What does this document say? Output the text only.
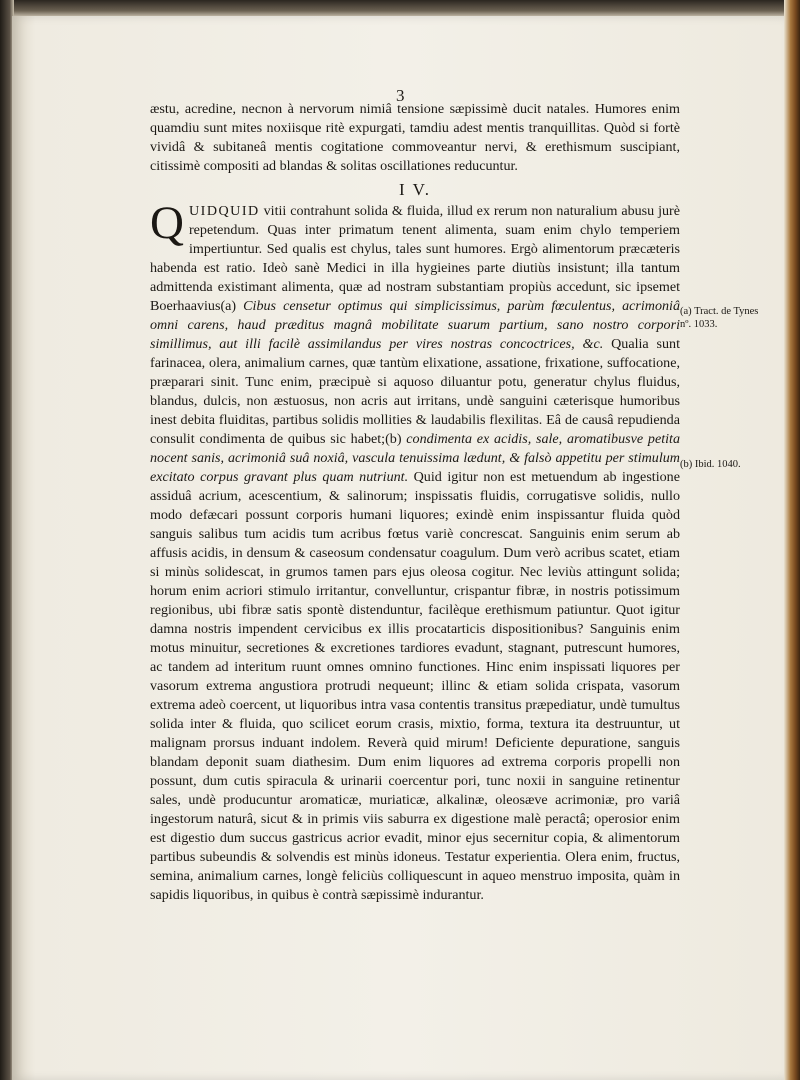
3

æstu, acredine, necnon à nervorum nimiâ tensione sæpissimè ducit natales. Humores enim quamdiu sunt mites noxiisque ritè expurgati, tamdiu adest mentis tranquillitas. Quòd si fortè vividâ & subitaneâ mentis cogitatione commoveantur nervi, & erethismum suscipiant, citissimè compositi ad blandas & solitas oscillationes reducuntur.

I V.

QUIDQUID vitii contrahunt solida & fluida, illud ex rerum non naturalium abusu jurè repetendum. Quas inter primatum tenent alimenta, suam enim chylo temperiem impertiuntur. Sed qualis est chylus, tales sunt humores. Ergò alimentorum præcæteris habenda est ratio. Ideò sanè Medici in illa hygieines parte diutiùs insistunt; illa tantum admittenda existimant alimenta, quæ ad nostram substantiam propiùs accedunt, sic ipsemet Boerhaavius(a) Cibus censetur optimus qui simplicissimus, parùm fœculentus, acrimoniâ omni carens, haud præditus magnâ mobilitate suarum partium, sano nostro corpori simillimus, aut illi facilè assimilandus per vires nostras concoctrices, &c. Qualia sunt farinacea, olera, animalium carnes, quæ tantùm elixatione, assatione, frixatione, suffocatione, præparari sinit. Tunc enim, præcipuè si aquoso diluantur potu, generatur chylus fluidus, blandus, dulcis, non æstuosus, non acris aut irritans, undè sanguini cæterisque humoribus inest debita fluiditas, partibus solidis mollities & laudabilis flexilitas. Eâ de causâ repudienda consulit condimenta de quibus sic habet;(b) condimenta ex acidis, sale, aromatibusve petita nocent sanis, acrimoniâ suâ noxiâ, vascula tenuissima lædunt, & falsò appetitu per stimulum excitato corpus gravant plus quam nutriunt. Quid igitur non est metuendum ab ingestione assiduâ acrium, acescentium, & salinorum; inspissatis fluidis, corrugatisve solidis, nullo modo defæcari possunt corporis humani liquores; exindè enim inspissantur fluida quòd sanguis salibus tum acidis tum acribus fœtus variè concrescat. Sanguinis enim serum ab affusis acidis, in densum & caseosum condensatur coagulum. Dum verò acribus scatet, etiam si minùs solidescat, in grumos tamen pars ejus oleosa cogitur. Nec leviùs attingunt solida; horum enim acriori stimulo irritantur, convelluntur, crispantur fibræ, in nostris potissimum regionibus, ubi fibræ satis spontè distenduntur, facilèque erethismum patiuntur. Quot igitur damna nostris impendent cervicibus ex illis procatarticis dispositionibus? Sanguinis enim motus minuitur, secretiones & excretiones tardiores evadunt, stagnant, putrescunt humores, ac tandem ad interitum ruunt omnes omnino functiones. Hinc enim inspissati liquores per vasorum extrema angustiora protrudi nequeunt; illinc & etiam solida crispata, vasorum extrema adeò coercent, ut liquoribus intra vasa contentis transitus præpediatur, undè tumultus solida inter & fluida, quo scilicet eorum crasis, mixtio, forma, textura ita destruuntur, ut malignam prorsus induant indolem. Reverà quid mirum! Deficiente depuratione, sanguis blandam deponit suam diathesim. Dum enim liquores ad extrema corporis propelli non possunt, dum cutis spiracula & urinarii coercentur pori, tunc noxii in sanguine retinentur sales, undè producuntur aromaticæ, muriaticæ, alkalinæ, oleosæve acrimoniæ, pro variâ ingestorum naturâ, sicut & in primis viis saburra ex digestione malè peractâ; operosior enim est digestio dum succus gastricus acrior evadit, minor ejus secernitur copia, & alimentorum partibus subeundis & solvendis est minùs idoneus. Testatur experientia. Olera enim, fructus, semina, animalium carnes, longè feliciùs colliquescunt in aqueo menstruo imposita, quàm in sapidis liquoribus, in quibus è contrà sæpissimè indurantur.

(a) Tract. de Tynes nº. 1033.
(b) Ibid. 1040.
